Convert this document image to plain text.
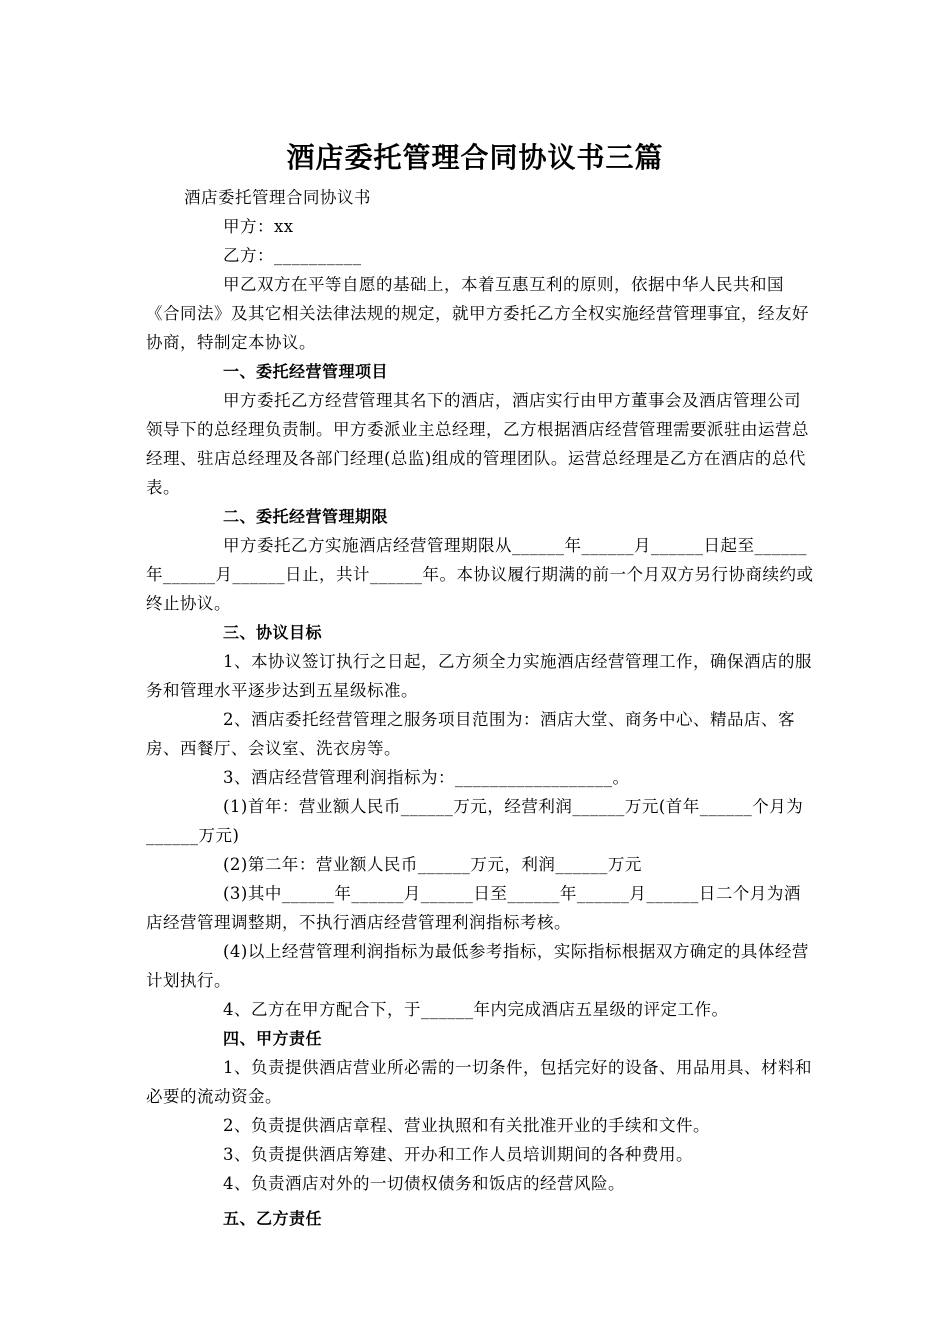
酒店委托管理合同协议书三篇

酒店委托管理合同协议书

甲方：xx

乙方：__________

甲乙双方在平等自愿的基础上，本着互惠互利的原则，依据中华人民共和国《合同法》及其它相关法律法规的规定，就甲方委托乙方全权实施经营管理事宜，经友好协商，特制定本协议。

一、委托经营管理项目

甲方委托乙方经营管理其名下的酒店，酒店实行由甲方董事会及酒店管理公司领导下的总经理负责制。甲方委派业主总经理，乙方根据酒店经营管理需要派驻由运营总经理、驻店总经理及各部门经理(总监)组成的管理团队。运营总经理是乙方在酒店的总代表。

二、委托经营管理期限

甲方委托乙方实施酒店经营管理期限从______年______月______日起至______年______月______日止，共计______年。本协议履行期满的前一个月双方另行协商续约或终止协议。

三、协议目标

1、本协议签订执行之日起，乙方须全力实施酒店经营管理工作，确保酒店的服务和管理水平逐步达到五星级标准。

2、酒店委托经营管理之服务项目范围为：酒店大堂、商务中心、精品店、客房、西餐厅、会议室、洗衣房等。

3、酒店经营管理利润指标为：__________________。

(1)首年：营业额人民币______万元，经营利润______万元(首年______个月为______万元)

(2)第二年：营业额人民币______万元，利润______万元

(3)其中______年______月______日至______年______月______日二个月为酒店经营管理调整期，不执行酒店经营管理利润指标考核。

(4)以上经营管理利润指标为最低参考指标，实际指标根据双方确定的具体经营计划执行。

4、乙方在甲方配合下，于______年内完成酒店五星级的评定工作。

四、甲方责任

1、负责提供酒店营业所必需的一切条件，包括完好的设备、用品用具、材料和必要的流动资金。

2、负责提供酒店章程、营业执照和有关批准开业的手续和文件。

3、负责提供酒店筹建、开办和工作人员培训期间的各种费用。

4、负责酒店对外的一切债权债务和饭店的经营风险。

五、乙方责任
